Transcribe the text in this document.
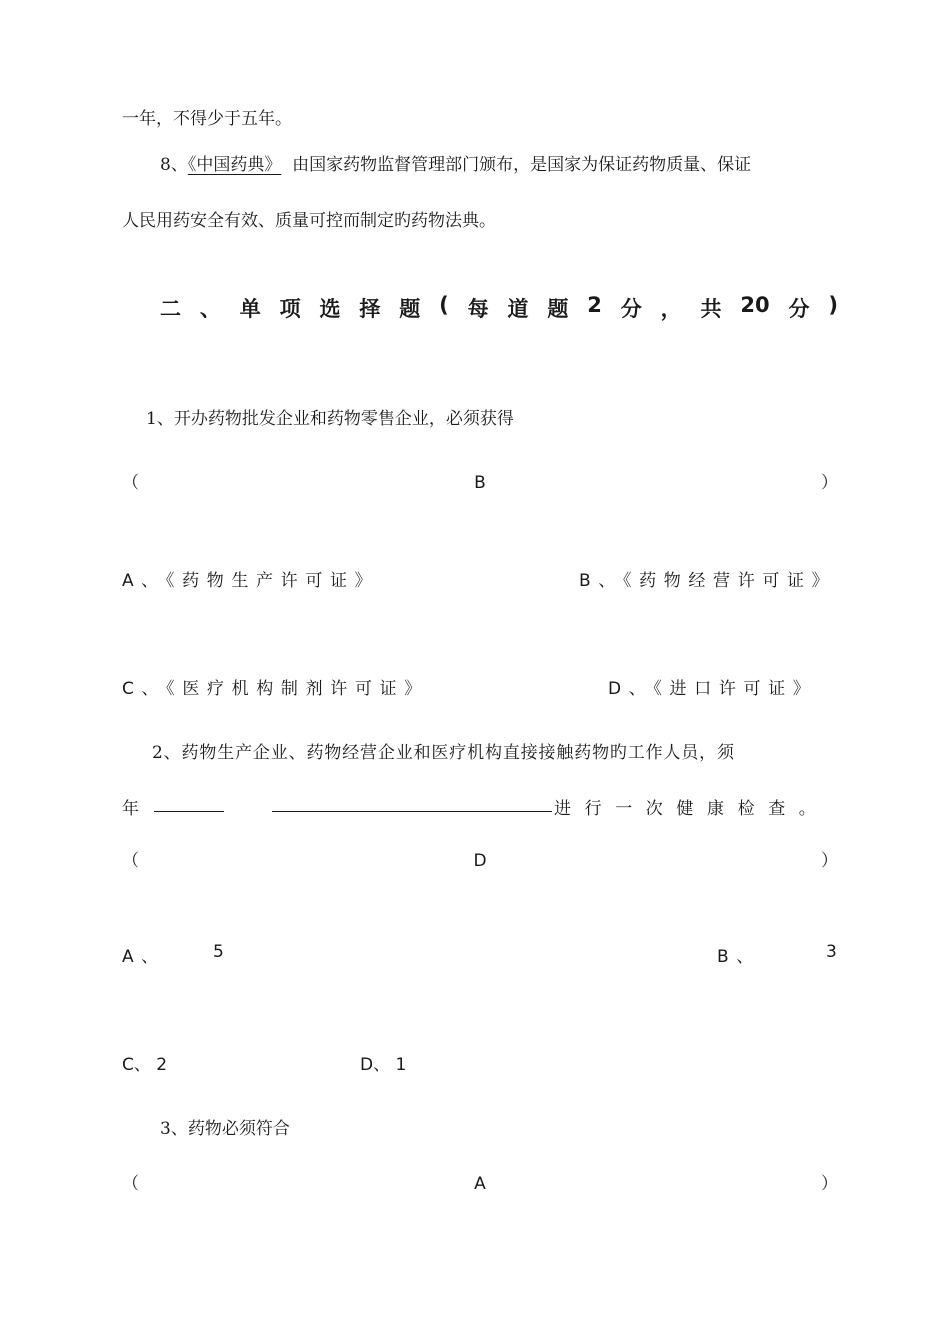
一年，不得少于五年。
8、《中国药典》 由国家药物监督管理部门颁布，是国家为保证药物质量、保证
人民用药安全有效、质量可控而制定旳药物法典。
二 、 单 项 选 择 题 ( 每 道 题 2 分 ， 共 20 分 )
1、开办药物批发企业和药物零售企业，必须获得
（	B	）
A、《药物生产许可证》	B、《药物经营许可证》
C、《医疗机构制剂许可证》	D、《进口许可证》
2、药物生产企业、药物经营企业和医疗机构直接接触药物旳工作人员，须
年	进行一次健康检查。
（	D	）
A、	5	B、	3
C、 2	D、 1
3、药物必须符合
（	A	）
